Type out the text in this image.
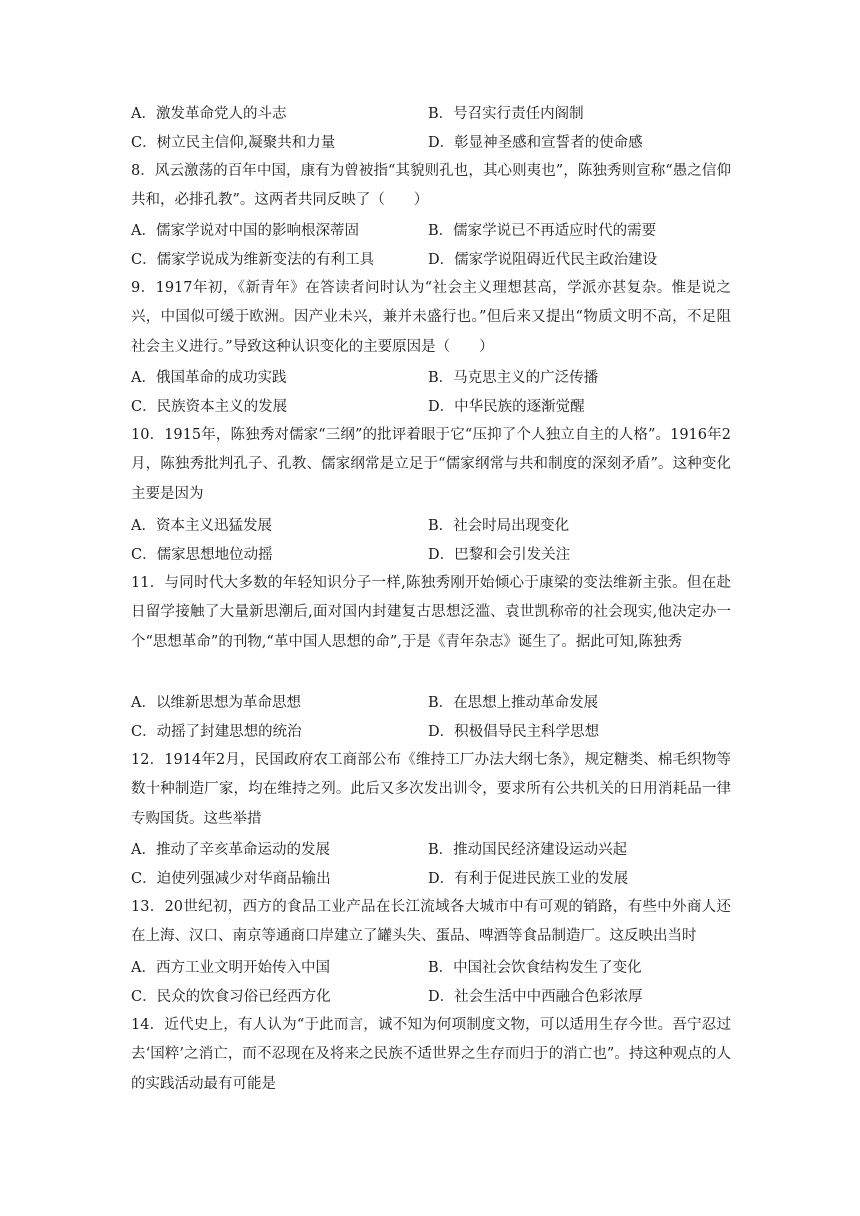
A．激发革命党人的斗志	B．号召实行责任内阁制
C．树立民主信仰,凝聚共和力量	D．彰显神圣感和宣誓者的使命感
8．风云激荡的百年中国，康有为曾被指“其貌则孔也，其心则夷也”，陈独秀则宣称“愚之信仰共和，必排孔教”。这两者共同反映了（　　）
A．儒家学说对中国的影响根深蒂固	B．儒家学说已不再适应时代的需要
C．儒家学说成为维新变法的有利工具	D．儒家学说阻碍近代民主政治建设
9．1917年初，《新青年》在答读者问时认为“社会主义理想甚高，学派亦甚复杂。惟是说之兴，中国似可缓于欧洲。因产业未兴，兼并未盛行也。”但后来又提出“物质文明不高，不足阻社会主义进行。”导致这种认识变化的主要原因是（　　）
A．俄国革命的成功实践	B．马克思主义的广泛传播
C．民族资本主义的发展	D．中华民族的逐渐觉醒
10．1915年，陈独秀对儒家“三纲”的批评着眼于它“压抑了个人独立自主的人格”。1916年2月，陈独秀批判孔子、孔教、儒家纲常是立足于“儒家纲常与共和制度的深刻矛盾”。这种变化主要是因为
A．资本主义迅猛发展	B．社会时局出现变化
C．儒家思想地位动摇	D．巴黎和会引发关注
11．与同时代大多数的年轻知识分子一样,陈独秀刚开始倾心于康梁的变法维新主张。但在赴日留学接触了大量新思潮后,面对国内封建复古思想泛滥、袁世凯称帝的社会现实,他决定办一个“思想革命”的刊物,“革中国人思想的命”,于是《青年杂志》诞生了。据此可知,陈独秀
A．以维新思想为革命思想	B．在思想上推动革命发展
C．动摇了封建思想的统治	D．积极倡导民主科学思想
12．1914年2月，民国政府农工商部公布《维持工厂办法大纲七条》，规定糖类、棉毛织物等数十种制造厂家，均在维持之列。此后又多次发出训令，要求所有公共机关的日用消耗品一律专购国货。这些举措
A．推动了辛亥革命运动的发展	B．推动国民经济建设运动兴起
C．迫使列强减少对华商品输出	D．有利于促进民族工业的发展
13．20世纪初，西方的食品工业产品在长江流域各大城市中有可观的销路，有些中外商人还在上海、汉口、南京等通商口岸建立了罐头失、蛋品、啤酒等食品制造厂。这反映出当时
A．西方工业文明开始传入中国	B．中国社会饮食结构发生了变化
C．民众的饮食习俗已经西方化	D．社会生活中中西融合色彩浓厚
14．近代史上，有人认为“于此而言，诚不知为何项制度文物，可以适用生存今世。吾宁忍过去‘国粹’之消亡，而不忍现在及将来之民族不适世界之生存而归于的消亡也”。持这种观点的人的实践活动最有可能是
